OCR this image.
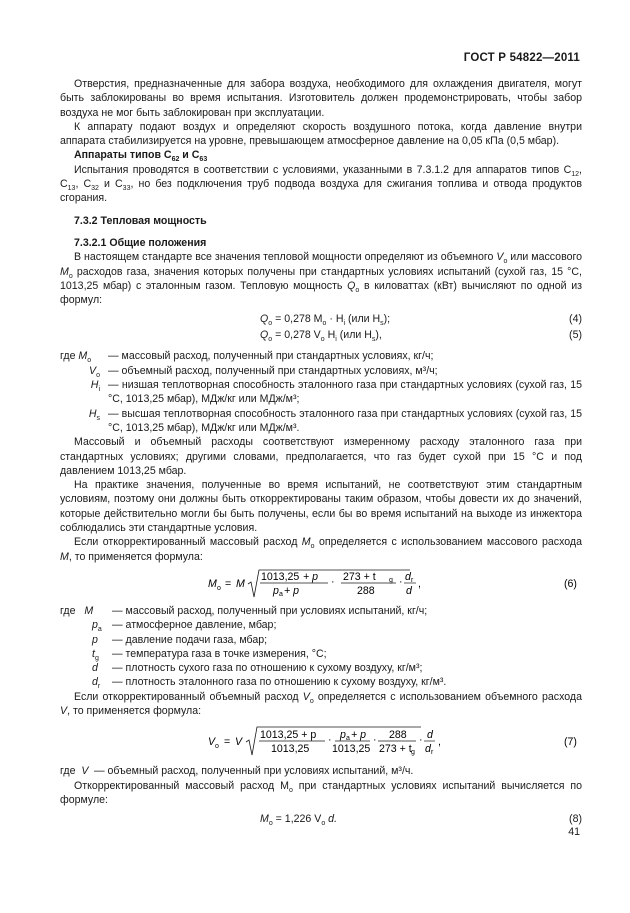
ГОСТ Р 54822—2011

Отверстия, предназначенные для забора воздуха, необходимого для охлаждения двигателя, могут быть заблокированы во время испытания. Изготовитель должен продемонстрировать, чтобы забор воздуха не мог быть заблокирован при эксплуатации.

К аппарату подают воздух и определяют скорость воздушного потока, когда давление внутри аппарата стабилизируется на уровне, превышающем атмосферное давление на 0,05 кПа (0,5 мбар).

Аппараты типов $C_{62}$ и $C_{63}$

Испытания проводятся в соответствии с условиями, указанными в 7.3.1.2 для аппаратов типов $C_{12}$, $C_{13}$, $C_{32}$ и $C_{33}$, но без подключения труб подвода воздуха для сжигания топлива и отвода продуктов сгорания.

7.3.2 Тепловая мощность

7.3.2.1 Общие положения

В настоящем стандарте все значения тепловой мощности определяют из объемного $V_o$ или массового $M_o$ расходов газа, значения которых получены при стандартных условиях испытаний (сухой газ, 15 °С, 1013,25 мбар) с эталонным газом. Тепловую мощность $Q_o$ в киловаттах (кВт) вычисляют по одной из формул:

$Q_o = 0,278$ $M_o \cdot H_i$ (или $H_s$);	(4)
$Q_o = 0,278$ $V_o$ $H_i$ (или $H_s$),	(5)
где $M_o$	— массовый расход, полученный при стандартных условиях, кг/ч;
$V_o$ — объемный расход, полученный при стандартных условиях, м³/ч;
$H_i$ — низшая теплотворная способность эталонного газа при стандартных условиях (сухой газ, 15 °С, 1013,25 мбар), МДж/кг или МДж/м³;
$H_s$ — высшая теплотворная способность эталонного газа при стандартных условиях (сухой газ, 15 °С, 1013,25 мбар), МДж/кг или МДж/м³.

Массовый и объемный расходы соответствуют измеренному расходу эталонного газа при стандартных условиях; другими словами, предполагается, что газ будет сухой при 15 °С и под давлением 1013,25 мбар.

На практике значения, полученные во время испытаний, не соответствуют этим стандартным условиям, поэтому они должны быть откорректированы таким образом, чтобы довести их до значений, которые действительно могли бы быть получены, если бы во время испытаний на выходе из инжектора соблюдались эти стандартные условия.

Если откорректированный массовый расход $M_o$ определяется с использованием массового расхода M, то применяется формула:

M o = M
1013,25 + p
p a + p
· 273 + t g
288
· d r
d
,	(6)
где M	— массовый расход, полученный при условиях испытаний, кг/ч;
$p_a$ — атмосферное давление, мбар;
p	— давление подачи газа, мбар;
$t_g$	— температура газа в точке измерения, °С;
d	— плотность сухого газа по отношению к сухому воздуху, кг/м³;
$d_r$	— плотность эталонного газа по отношению к сухому воздуху, кг/м³.

Если откорректированный объемный расход $V_o$ определяется с использованием объемного расхода V, то применяется формула:

V o = V
1013,25 + p
1013,25
· p a + p
1013,25
· 288
273 + t g
· d
d r
,	(7)
где V — объемный расход, полученный при условиях испытаний, м³/ч.

Откорректированный массовый расход $M_o$ при стандартных условиях испытаний вычисляется по формуле:

$M_o = 1,226$ $V_o$ d.	(8)
41
